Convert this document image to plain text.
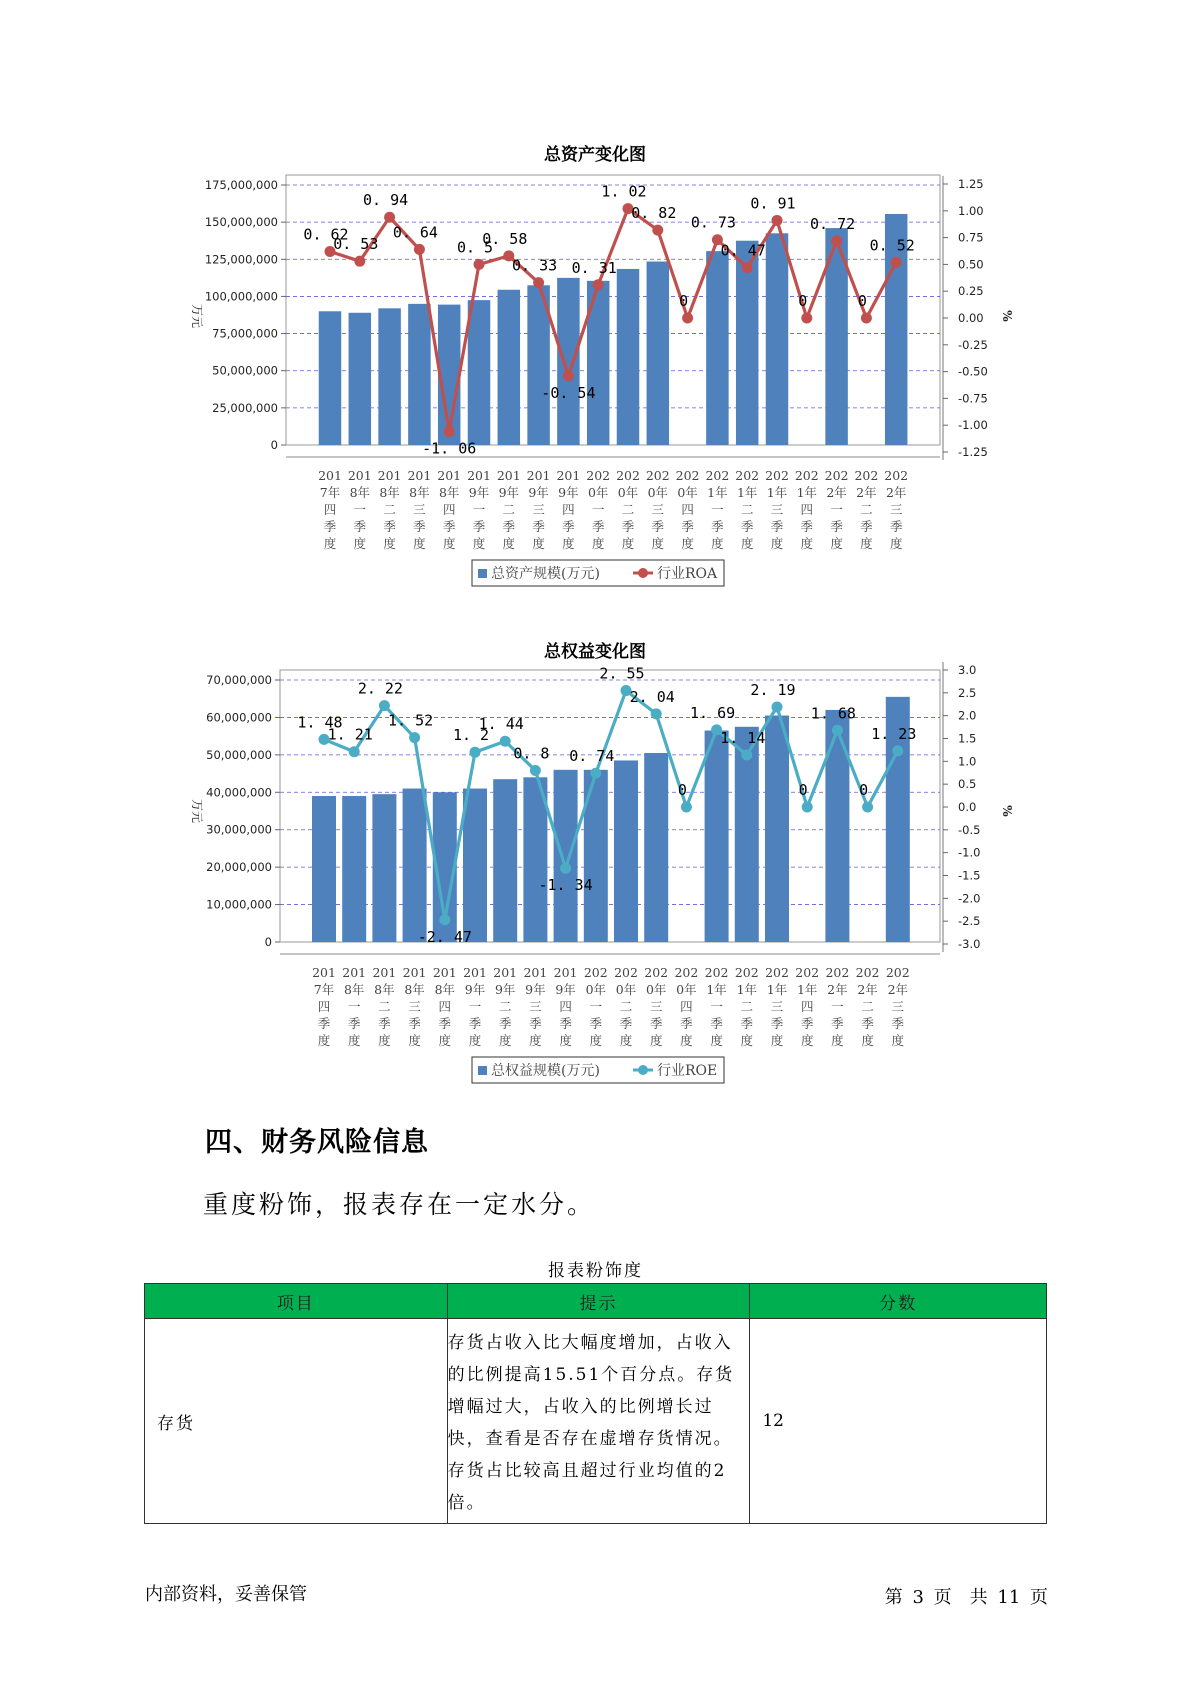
总资产变化图
175,000,000
150,000,000
125,000,000
100,000,000
75,000,000
50,000,000
25,000,000
0
1.25
1.00
0.75
0.50
0.25
0.00
-0.25
-0.50
-0.75
-1.00
-1.25
万元	%
201
7年
四
季
度
201
8年
一
季
度
201
8年
二
季
度
201
8年
三
季
度
201
8年
四
季
度
201
9年
一
季
度
201
9年
二
季
度
201
9年
三
季
度
201
9年
四
季
度
202
0年
一
季
度
202
0年
二
季
度
202
0年
三
季
度
202
0年
四
季
度
202
1年
一
季
度
202
1年
二
季
度
202
1年
三
季
度
202
1年
四
季
度
202
2年
一
季
度
202
2年
二
季
度
202
2年
三
季
度
0. 62
0. 53
0. 94
0. 64
-1. 06
0. 5
0. 58
0. 33
-0. 54
0. 31
1. 02
0. 82
0
0. 73
0. 47
0. 91
0
0. 72
0
0. 52
总资产规模(万元)	行业ROA
总权益变化图
70,000,000
60,000,000
50,000,000
40,000,000
30,000,000
20,000,000
10,000,000
0
3.0
2.5
2.0
1.5
1.0
0.5
0.0
-0.5
-1.0
-1.5
-2.0
-2.5
-3.0
万元	%
201
7年
四
季
度
201
8年
一
季
度
201
8年
二
季
度
201
8年
三
季
度
201
8年
四
季
度
201
9年
一
季
度
201
9年
二
季
度
201
9年
三
季
度
201
9年
四
季
度
202
0年
一
季
度
202
0年
二
季
度
202
0年
三
季
度
202
0年
四
季
度
202
1年
一
季
度
202
1年
二
季
度
202
1年
三
季
度
202
1年
四
季
度
202
2年
一
季
度
202
2年
二
季
度
202
2年
三
季
度
1. 48
1. 21
2. 22
1. 52
-2. 47
1. 2
1. 44
0. 8
-1. 34
0. 74
2. 55
2. 04
0
1. 69
1. 14
2. 19
0
1. 68
0
1. 23
总权益规模(万元)	行业ROE
四、财务风险信息
重度粉饰，报表存在一定水分。
报表粉饰度
项目	提示	分数
存货	存货占收入比大幅度增加，占收入的比例提高15.51个百分点。存货增幅过大，占收入的比例增长过快，查看是否存在虚增存货情况。存货占比较高且超过行业均值的2倍。	12
内部资料，妥善保管	第 3 页　共 11 页
